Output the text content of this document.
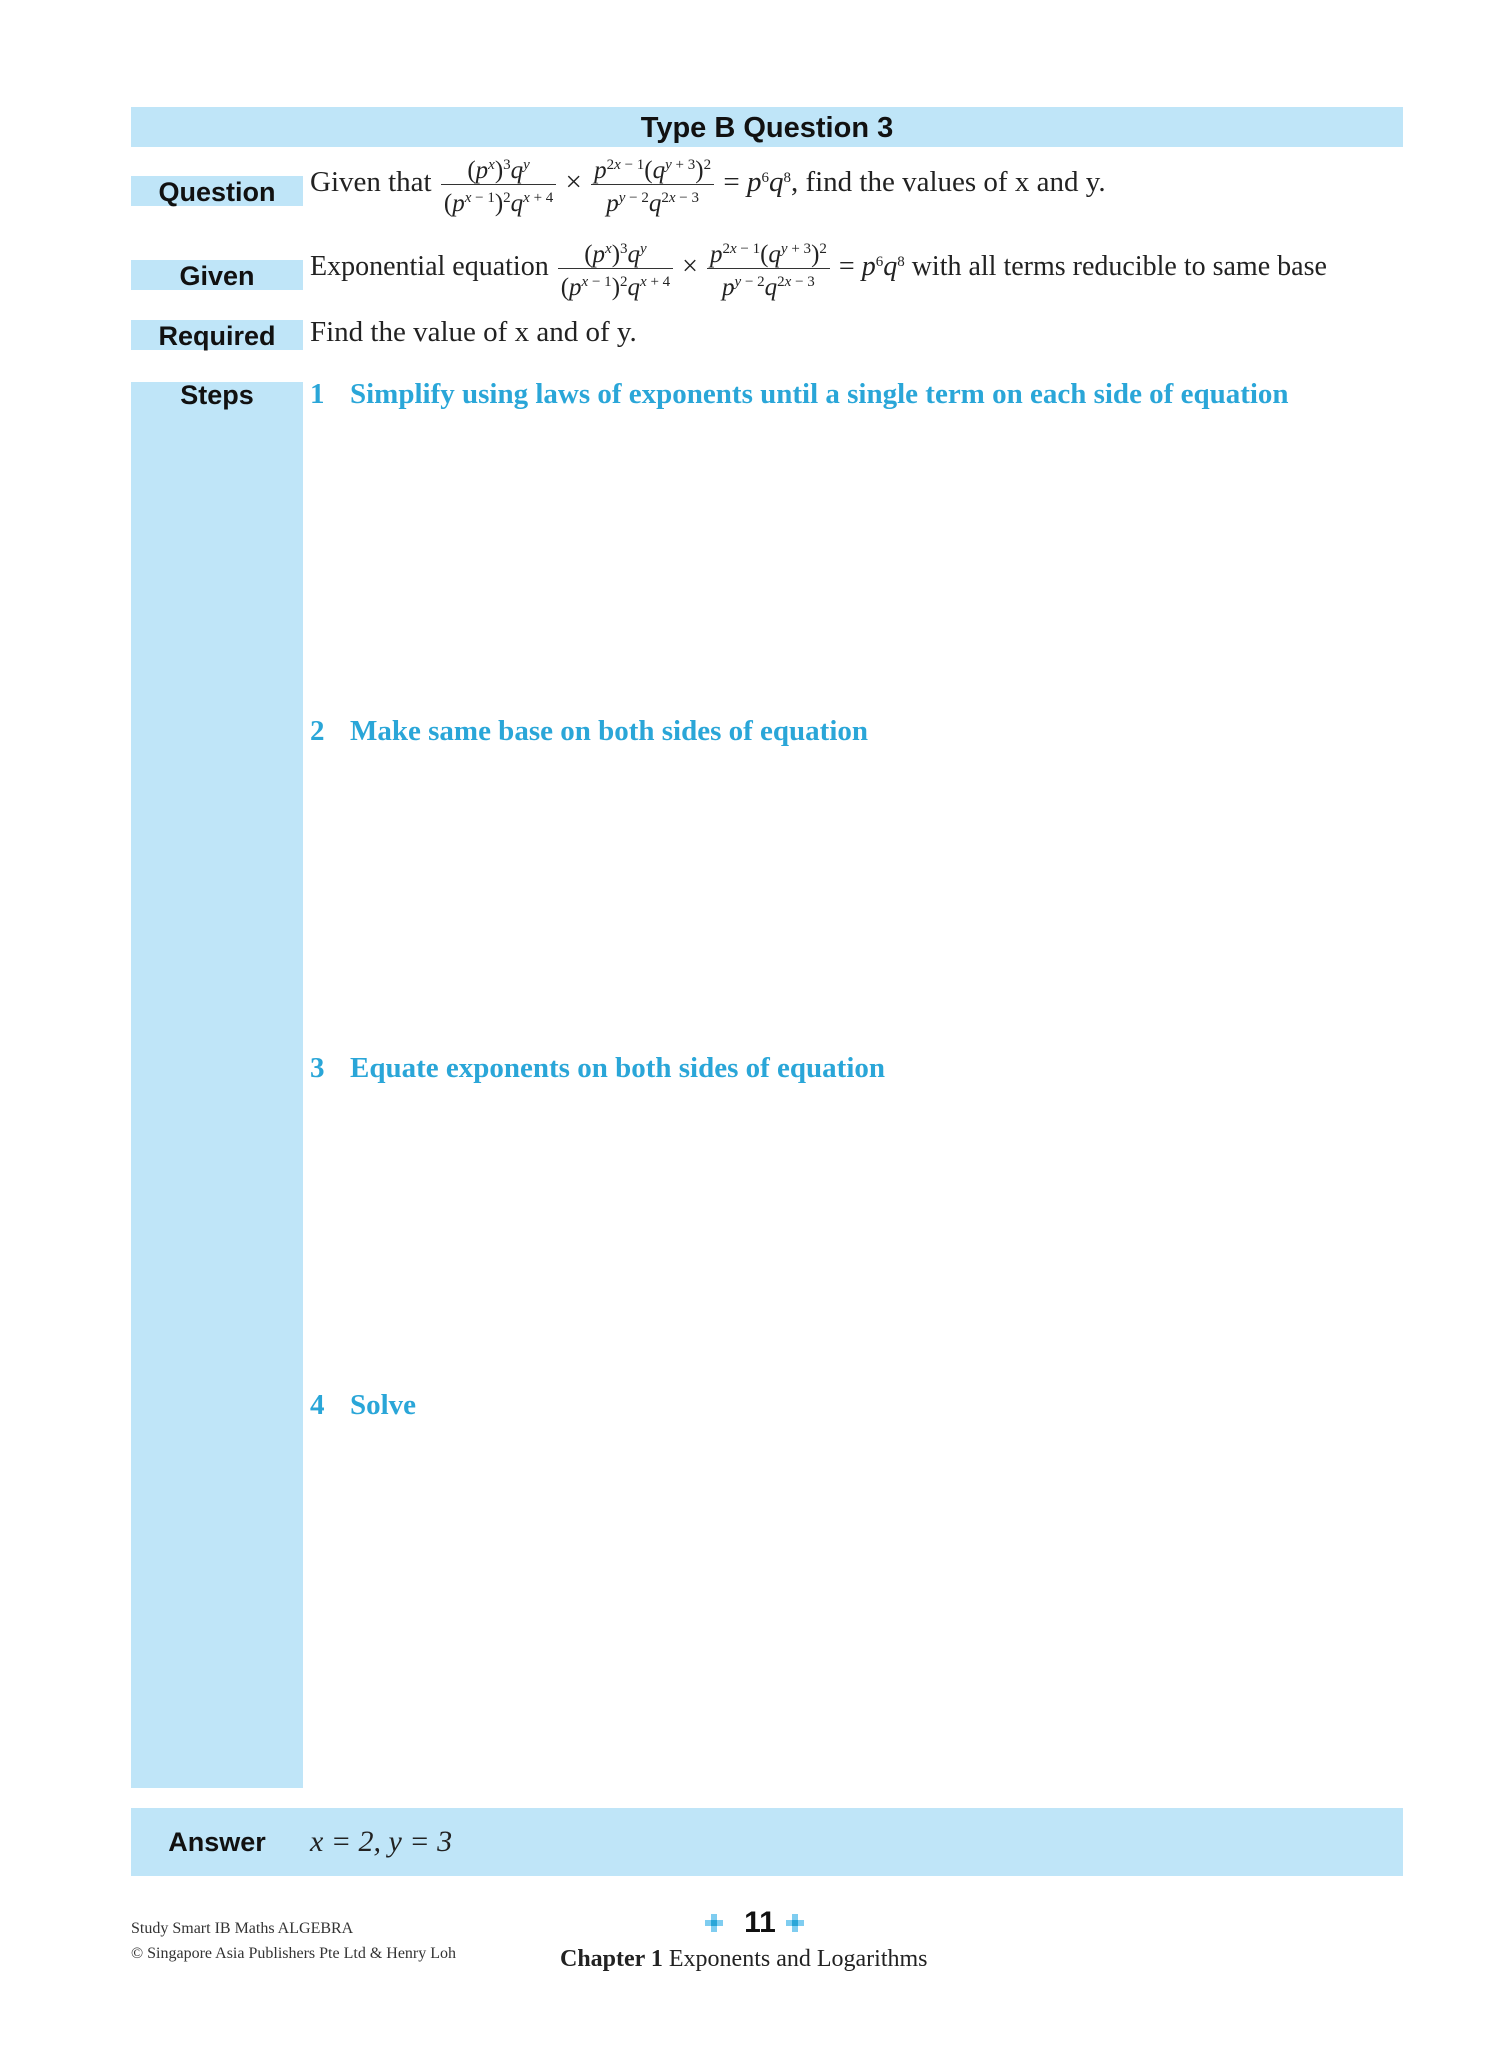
Type B Question 3
Question	Given that $\frac{(p^x)^3q^y}{(p^{x - 1})^2q^{x + 4}} \times \frac{p^{2x - 1}(q^{y + 3})^2}{p^{y - 2}q^{2x - 3}} = p^6q^8$, find the values of x and y.
Given	Exponential equation $\frac{(p^x)^3q^y}{(p^{x - 1})^2q^{x + 4}} \times \frac{p^{2x - 1}(q^{y + 3})^2}{p^{y - 2}q^{2x - 3}} = p^6q^8$ with all terms reducible to same base
Required	Find the value of x and of y.
Steps	1 Simplify using laws of exponents until a single term on each side of equation
2 Make same base on both sides of equation
3 Equate exponents on both sides of equation
4 Solve
Answer	x = 2, y = 3
Study Smart IB Maths ALGEBRA
© Singapore Asia Publishers Pte Ltd & Henry Loh
11
Chapter 1 Exponents and Logarithms
